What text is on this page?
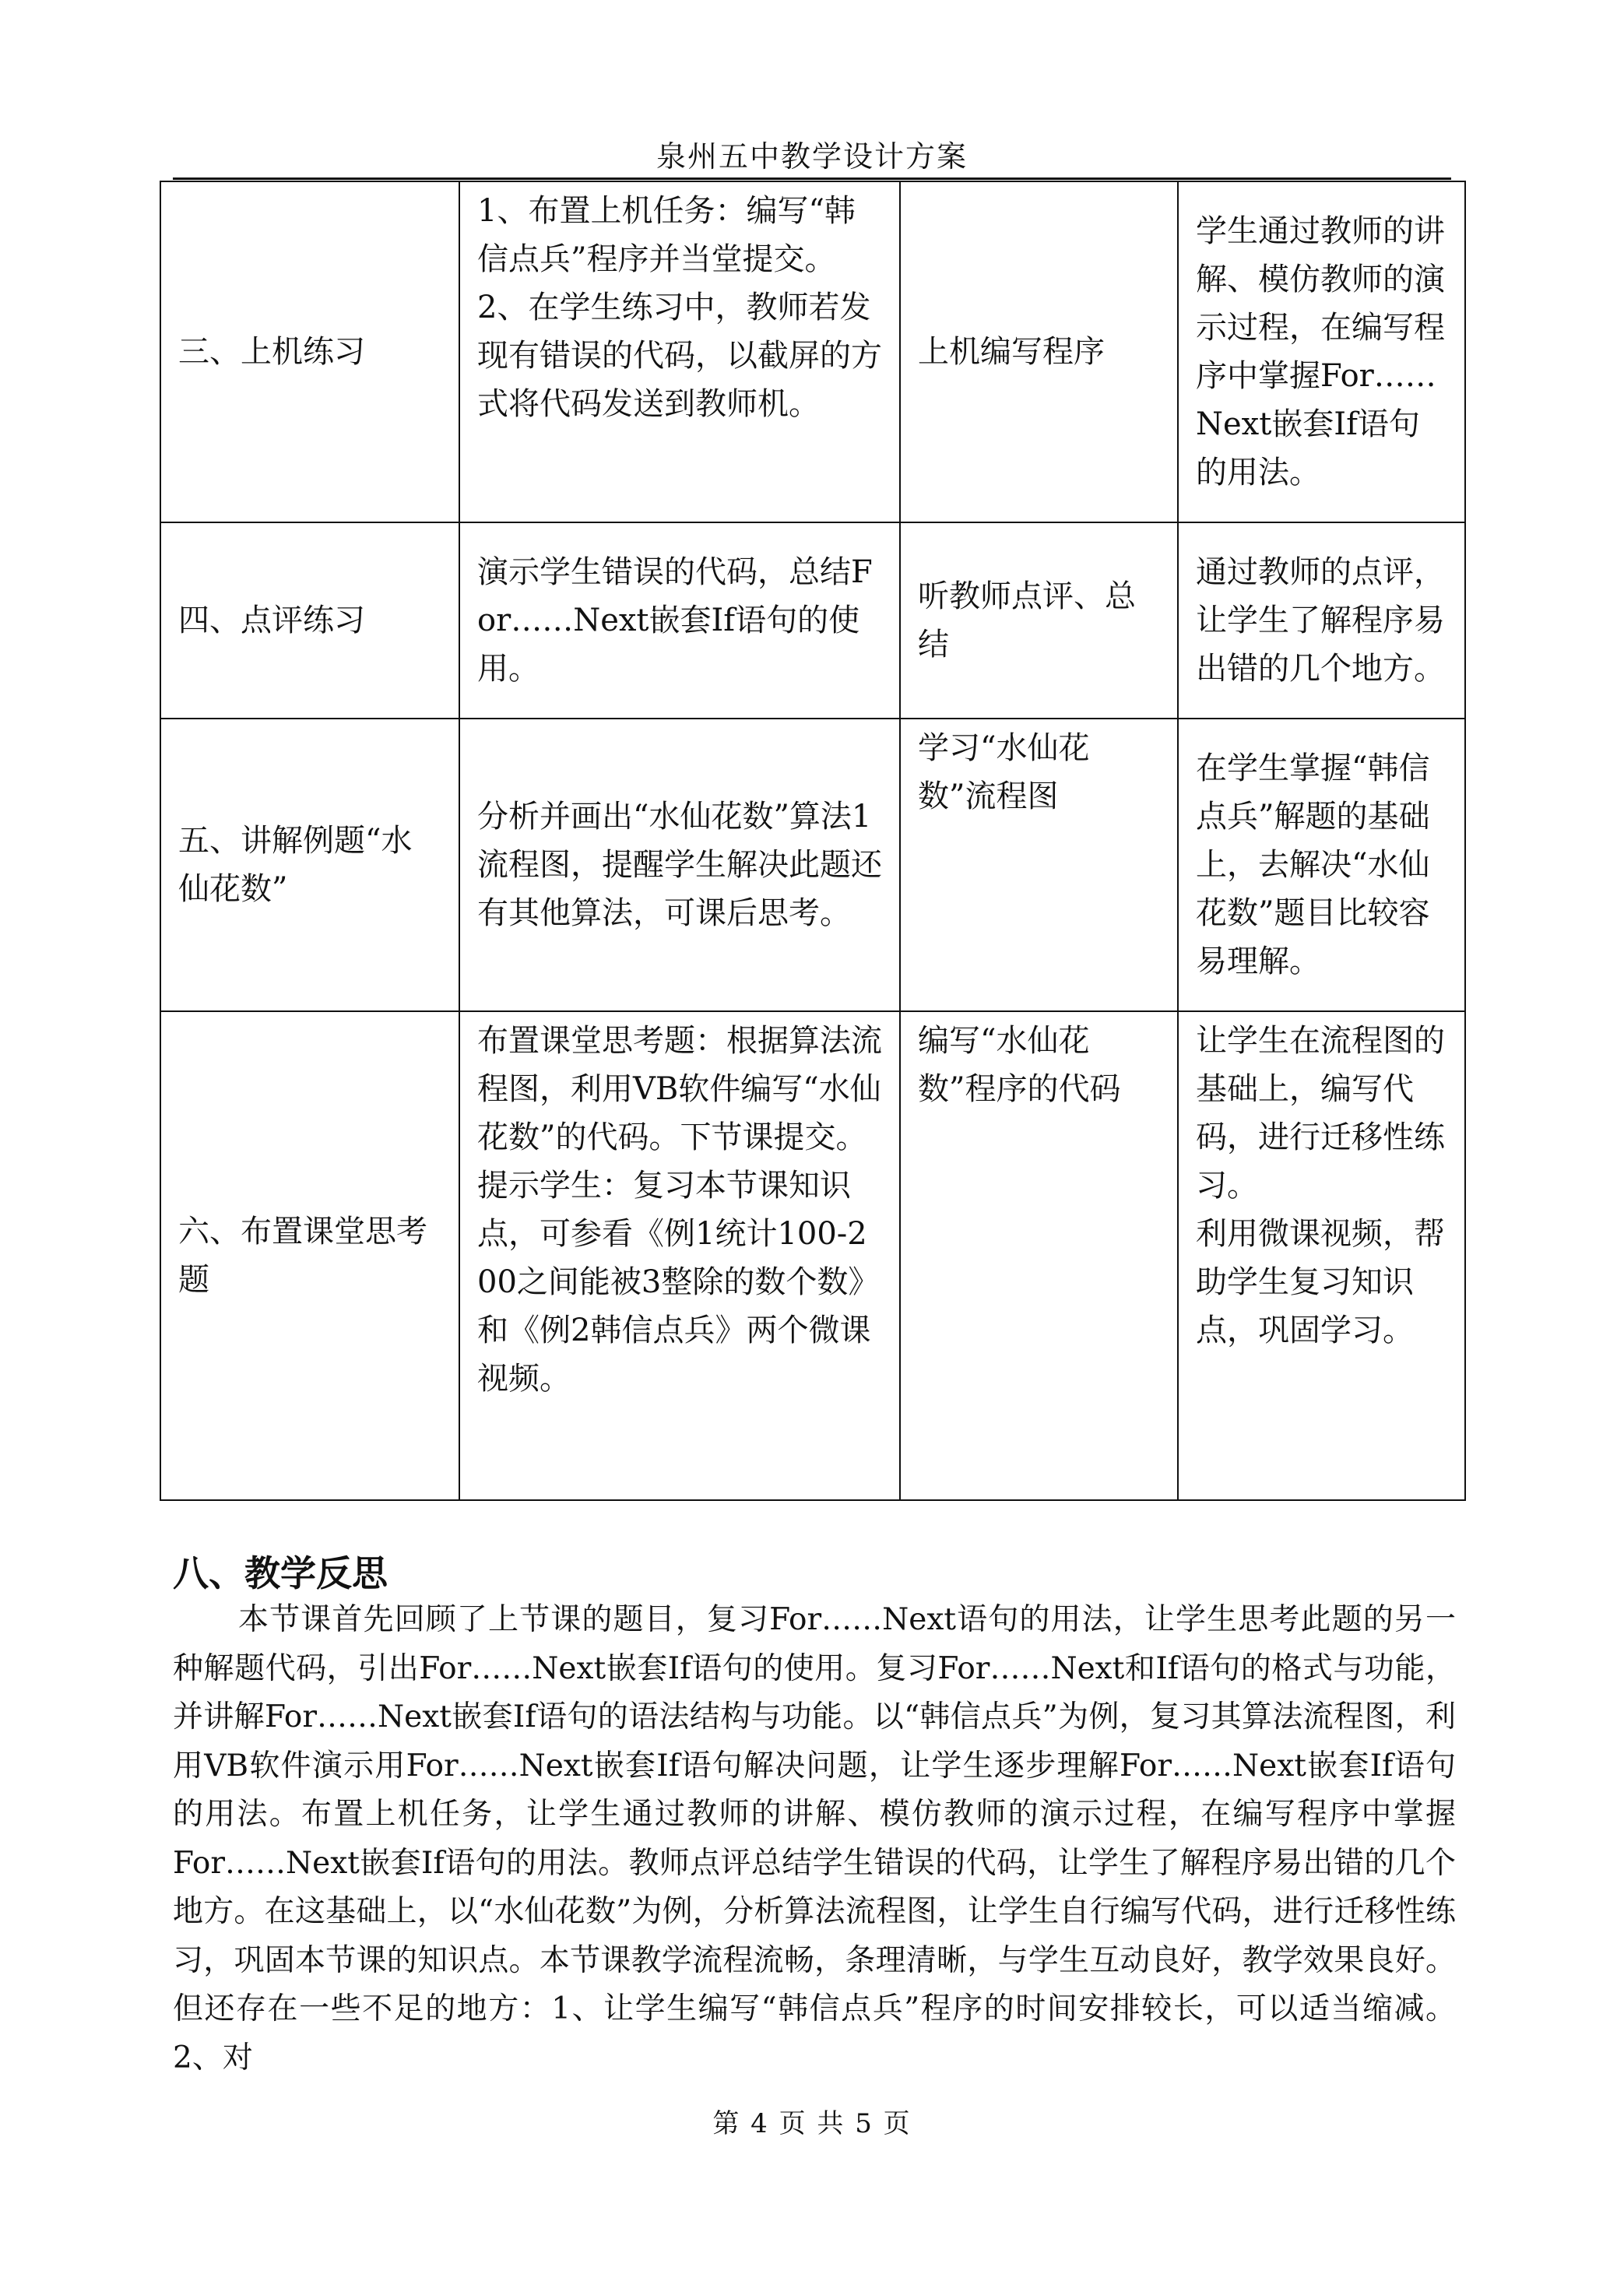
泉州五中教学设计方案
三、上机练习	1、布置上机任务：编写“韩信点兵”程序并当堂提交。
2、在学生练习中，教师若发现有错误的代码，以截屏的方式将代码发送到教师机。	上机编写程序	学生通过教师的讲解、模仿教师的演示过程，在编写程序中掌握For……Next嵌套If语句的用法。

四、点评练习	演示学生错误的代码，总结For……Next嵌套If语句的使用。	听教师点评、总结	通过教师的点评，让学生了解程序易出错的几个地方。

五、讲解例题“水仙花数”	分析并画出“水仙花数”算法1流程图，提醒学生解决此题还有其他算法，可课后思考。	学习“水仙花数”流程图	在学生掌握“韩信点兵”解题的基础上，去解决“水仙花数”题目比较容易理解。

六、布置课堂思考题	布置课堂思考题：根据算法流程图，利用VB软件编写“水仙花数”的代码。下节课提交。
提示学生：复习本节课知识点，可参看《例1统计100-200之间能被3整除的数个数》
和《例2韩信点兵》两个微课视频。	编写“水仙花数”程序的代码	让学生在流程图的基础上，编写代码，进行迁移性练习。
利用微课视频，帮助学生复习知识点，巩固学习。
八、教学反思

本节课首先回顾了上节课的题目，复习For……Next语句的用法，让学生思考此题的另一种解题代码，引出For……Next嵌套If语句的使用。复习For……Next和If语句的格式与功能，并讲解For……Next嵌套If语句的语法结构与功能。以“韩信点兵”为例，复习其算法流程图，利用VB软件演示用For……Next嵌套If语句解决问题，让学生逐步理解For……Next嵌套If语句的用法。布置上机任务，让学生通过教师的讲解、模仿教师的演示过程，在编写程序中掌握For……Next嵌套If语句的用法。教师点评总结学生错误的代码，让学生了解程序易出错的几个地方。在这基础上，以“水仙花数”为例，分析算法流程图，让学生自行编写代码，进行迁移性练习，巩固本节课的知识点。本节课教学流程流畅，条理清晰，与学生互动良好，教学效果良好。但还存在一些不足的地方：1、让学生编写“韩信点兵”程序的时间安排较长，可以适当缩减。2、对

第 4 页 共 5 页
